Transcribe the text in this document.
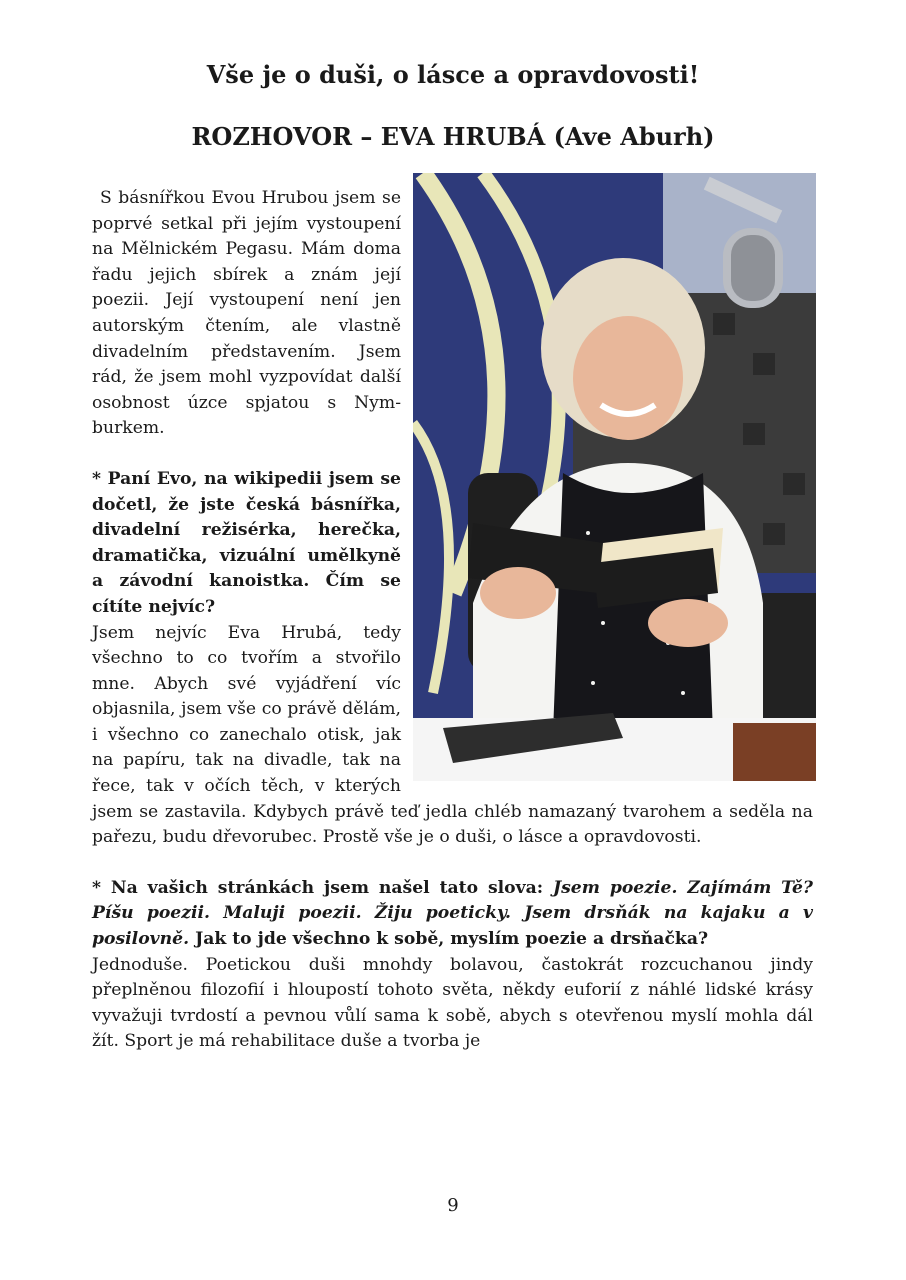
Vše je o duši, o lásce a opravdovosti!
ROZHOVOR – EVA HRUBÁ (Ave Aburh)

S básnířkou Evou Hrubou jsem se poprvé setkal při jejím vystoupení na Mělnickém Pegasu. Mám doma řadu jejich sbírek a znám její poezii. Její vystoupení není jen autorským čtením, ale vlastně divadelním představením. Jsem rád, že jsem mohl vyzpovídat další osobnost úzce spjatou s Nymburkem.

* Paní Evo, na wikipedii jsem se dočetl, že jste česká básnířka, divadelní režisérka, herečka, dramatička, vizuální umělkyně a závodní kanoistka. Čím se cítíte nejvíc?

Jsem nejvíc Eva Hrubá, tedy všechno to co tvořím a stvořilo mne. Abych své vyjádření víc objasnila, jsem vše co právě dělám, i všechno co zanechalo otisk, jak na papíru, tak na divadle, tak na řece, tak v očích těch, v kterých jsem se zastavila. Kdybych právě teď jedla chléb namazaný tvarohem a seděla na pařezu, budu dřevorubec. Prostě vše je o duši, o lásce a opravdovosti.

* Na vašich stránkách jsem našel tato slova: Jsem poezie. Zajímám Tě? Píšu poezii. Maluji poezii. Žiju poeticky. Jsem drsňák na kajaku a v posilovně. Jak to jde všechno k sobě, myslím poezie a drsňačka?

Jednoduše. Poetickou duši mnohdy bolavou, častokrát rozcuchanou jindy přeplněnou filozofií i hloupostí tohoto světa, někdy euforií z náhlé lidské krásy vyvažuji tvrdostí a pevnou vůlí sama k sobě, abych s otevřenou myslí mohla dál žít. Sport je má rehabilitace duše a tvorba je

9
